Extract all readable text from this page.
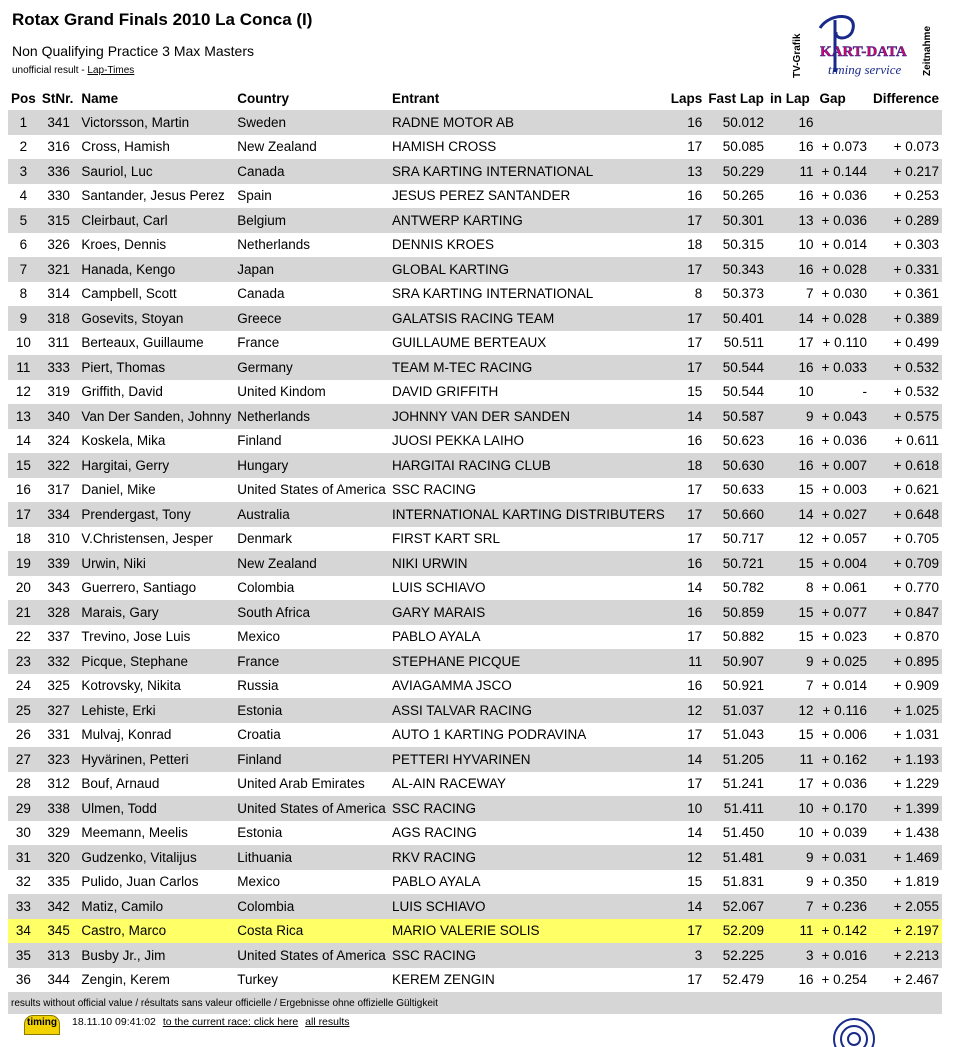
Rotax Grand Finals 2010 La Conca (I)
Non Qualifying Practice 3 Max Masters
unofficial result - Lap-Times	TV-Grafik	Zeitnahme
KART-DATA
timing service
Pos	StNr.	Name	Country	Entrant	Laps	Fast Lap	in Lap	Gap	Difference
1	341	Victorsson, Martin	Sweden	RADNE MOTOR AB	16	50.012	16		
2	316	Cross, Hamish	New Zealand	HAMISH CROSS	17	50.085	16	+ 0.073	+ 0.073
3	336	Sauriol, Luc	Canada	SRA KARTING INTERNATIONAL	13	50.229	11	+ 0.144	+ 0.217
4	330	Santander, Jesus Perez	Spain	JESUS PEREZ SANTANDER	16	50.265	16	+ 0.036	+ 0.253
5	315	Cleirbaut, Carl	Belgium	ANTWERP KARTING	17	50.301	13	+ 0.036	+ 0.289
6	326	Kroes, Dennis	Netherlands	DENNIS KROES	18	50.315	10	+ 0.014	+ 0.303
7	321	Hanada, Kengo	Japan	GLOBAL KARTING	17	50.343	16	+ 0.028	+ 0.331
8	314	Campbell, Scott	Canada	SRA KARTING INTERNATIONAL	8	50.373	7	+ 0.030	+ 0.361
9	318	Gosevits, Stoyan	Greece	GALATSIS RACING TEAM	17	50.401	14	+ 0.028	+ 0.389
10	311	Berteaux, Guillaume	France	GUILLAUME BERTEAUX	17	50.511	17	+ 0.110	+ 0.499
11	333	Piert, Thomas	Germany	TEAM M-TEC RACING	17	50.544	16	+ 0.033	+ 0.532
12	319	Griffith, David	United Kindom	DAVID GRIFFITH	15	50.544	10	-	+ 0.532
13	340	Van Der Sanden, Johnny	Netherlands	JOHNNY VAN DER SANDEN	14	50.587	9	+ 0.043	+ 0.575
14	324	Koskela, Mika	Finland	JUOSI PEKKA LAIHO	16	50.623	16	+ 0.036	+ 0.611
15	322	Hargitai, Gerry	Hungary	HARGITAI RACING CLUB	18	50.630	16	+ 0.007	+ 0.618
16	317	Daniel, Mike	United States of America	SSC RACING	17	50.633	15	+ 0.003	+ 0.621
17	334	Prendergast, Tony	Australia	INTERNATIONAL KARTING DISTRIBUTERS	17	50.660	14	+ 0.027	+ 0.648
18	310	V.Christensen, Jesper	Denmark	FIRST KART SRL	17	50.717	12	+ 0.057	+ 0.705
19	339	Urwin, Niki	New Zealand	NIKI URWIN	16	50.721	15	+ 0.004	+ 0.709
20	343	Guerrero, Santiago	Colombia	LUIS SCHIAVO	14	50.782	8	+ 0.061	+ 0.770
21	328	Marais, Gary	South Africa	GARY MARAIS	16	50.859	15	+ 0.077	+ 0.847
22	337	Trevino, Jose Luis	Mexico	PABLO AYALA	17	50.882	15	+ 0.023	+ 0.870
23	332	Picque, Stephane	France	STEPHANE PICQUE	11	50.907	9	+ 0.025	+ 0.895
24	325	Kotrovsky, Nikita	Russia	AVIAGAMMA JSCO	16	50.921	7	+ 0.014	+ 0.909
25	327	Lehiste, Erki	Estonia	ASSI TALVAR RACING	12	51.037	12	+ 0.116	+ 1.025
26	331	Mulvaj, Konrad	Croatia	AUTO 1 KARTING PODRAVINA	17	51.043	15	+ 0.006	+ 1.031
27	323	Hyvärinen, Petteri	Finland	PETTERI HYVARINEN	14	51.205	11	+ 0.162	+ 1.193
28	312	Bouf, Arnaud	United Arab Emirates	AL-AIN RACEWAY	17	51.241	17	+ 0.036	+ 1.229
29	338	Ulmen, Todd	United States of America	SSC RACING	10	51.411	10	+ 0.170	+ 1.399
30	329	Meemann, Meelis	Estonia	AGS RACING	14	51.450	10	+ 0.039	+ 1.438
31	320	Gudzenko, Vitalijus	Lithuania	RKV RACING	12	51.481	9	+ 0.031	+ 1.469
32	335	Pulido, Juan Carlos	Mexico	PABLO AYALA	15	51.831	9	+ 0.350	+ 1.819
33	342	Matiz, Camilo	Colombia	LUIS SCHIAVO	14	52.067	7	+ 0.236	+ 2.055
34	345	Castro, Marco	Costa Rica	MARIO VALERIE SOLIS	17	52.209	11	+ 0.142	+ 2.197
35	313	Busby Jr., Jim	United States of America	SSC RACING	3	52.225	3	+ 0.016	+ 2.213
36	344	Zengin, Kerem	Turkey	KEREM ZENGIN	17	52.479	16	+ 0.254	+ 2.467
results without official value / résultats sans valeur officielle / Ergebnisse ohne offizielle Gültigkeit									
timing 18.11.10 09:41:02 to the current race: click here all results
